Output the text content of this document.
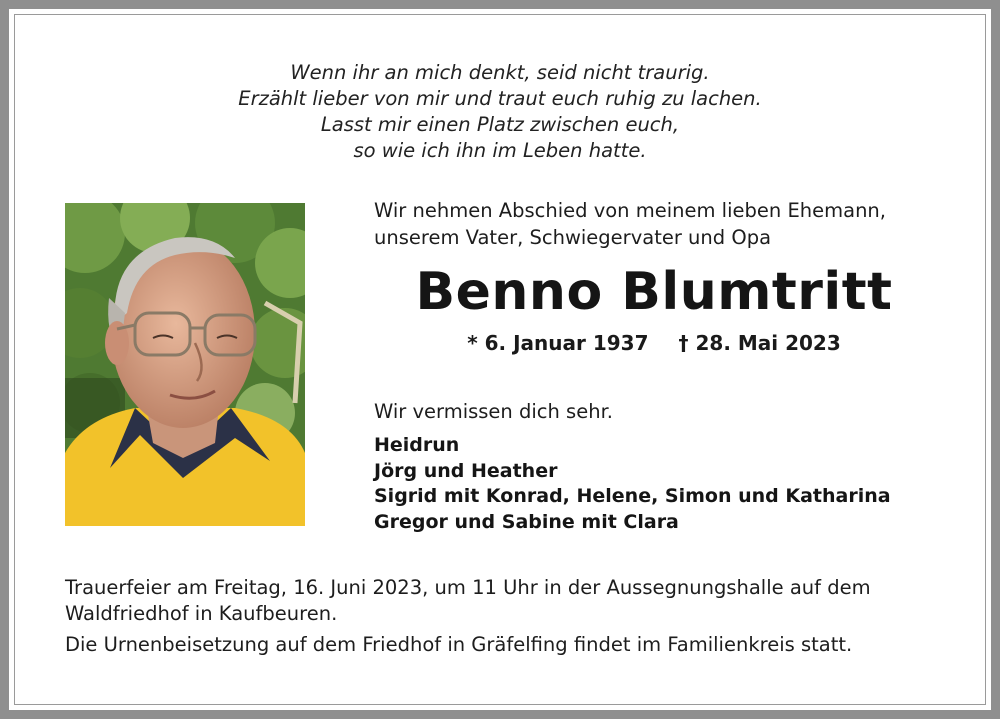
Wenn ihr an mich denkt, seid nicht traurig.
Erzählt lieber von mir und traut euch ruhig zu lachen.
Lasst mir einen Platz zwischen euch,
so wie ich ihn im Leben hatte.
Wir nehmen Abschied von meinem lieben Ehemann,
unserem Vater, Schwiegervater und Opa
Benno Blumtritt
* 6. Januar 1937 † 28. Mai 2023
Wir vermissen dich sehr.
Heidrun
Jörg und Heather
Sigrid mit Konrad, Helene, Simon und Katharina
Gregor und Sabine mit Clara
Trauerfeier am Freitag, 16. Juni 2023, um 11 Uhr in der Aussegnungshalle auf dem
Waldfriedhof in Kaufbeuren.
Die Urnenbeisetzung auf dem Friedhof in Gräfelfing findet im Familienkreis statt.
